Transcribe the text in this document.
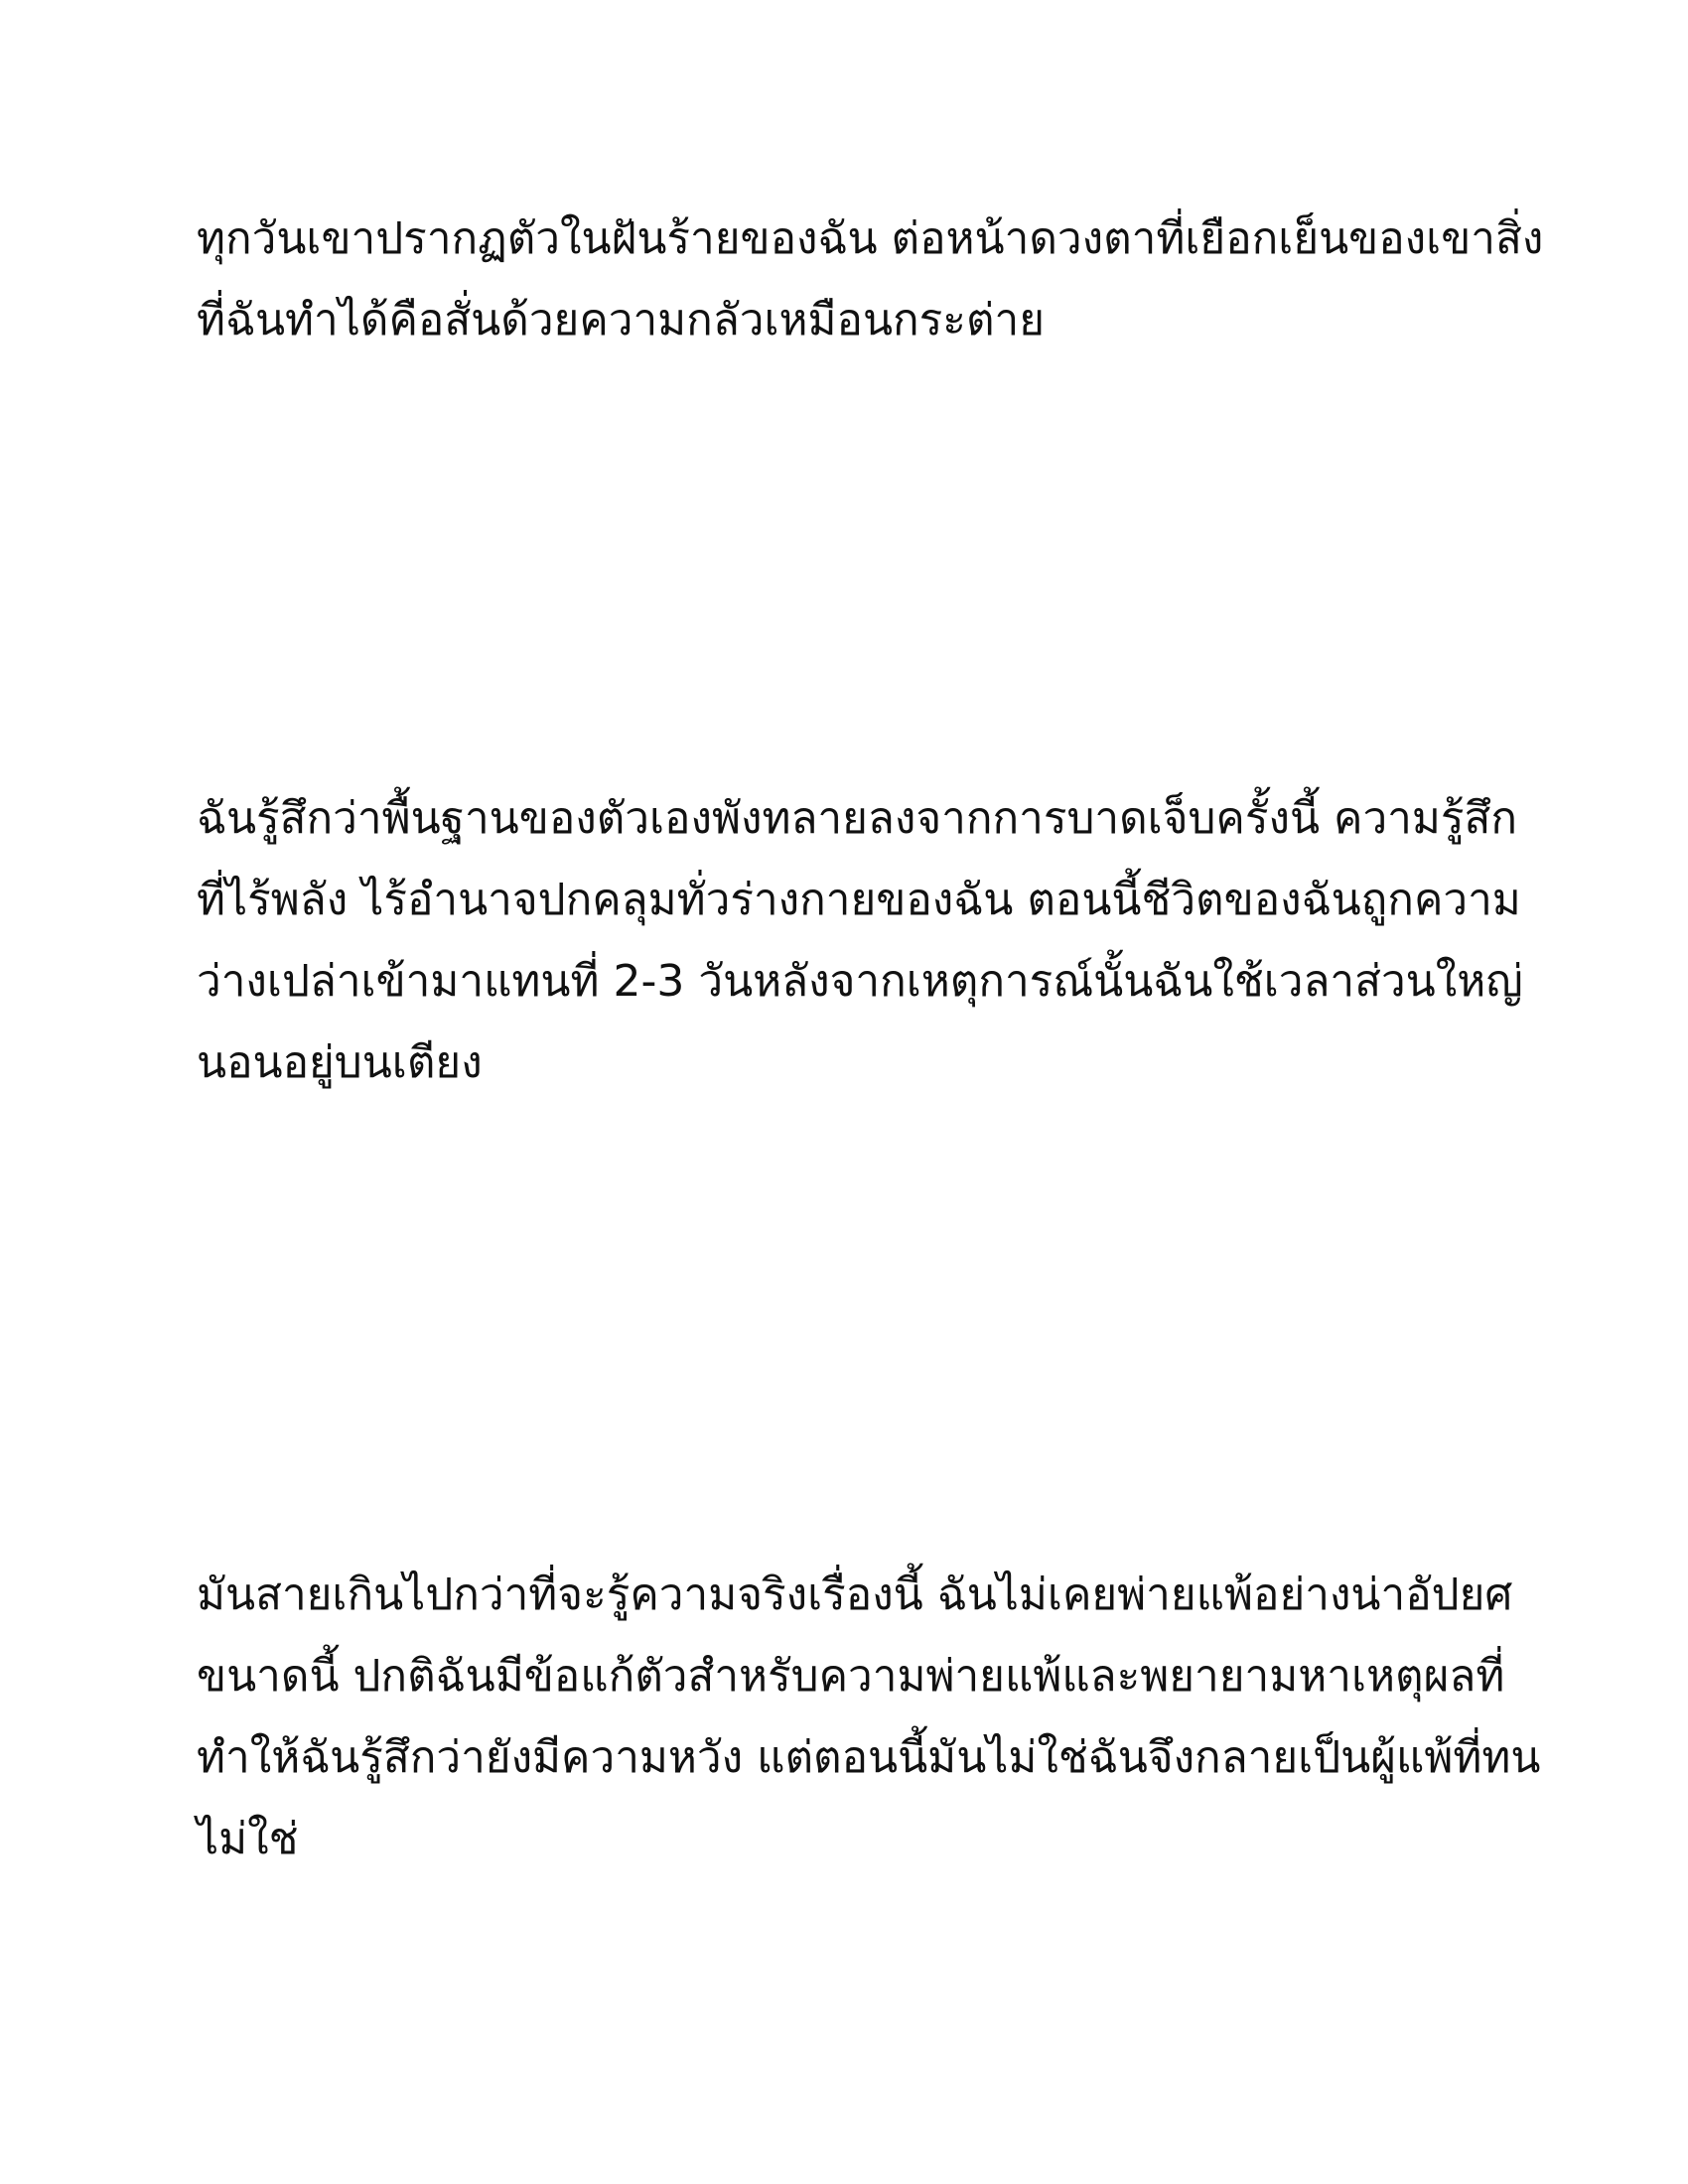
ทุกวันเขาปรากฏตัวในฝันร้ายของฉัน ต่อหน้าดวงตาที่เยือกเย็นของเขาสิ่ง
ที่ฉันทำได้คือสั่นด้วยความกลัวเหมือนกระต่าย
ฉันรู้สึกว่าพื้นฐานของตัวเองพังทลายลงจากการบาดเจ็บครั้งนี้ ความรู้สึก
ที่ไร้พลัง ไร้อำนาจปกคลุมทั่วร่างกายของฉัน ตอนนี้ชีวิตของฉันถูกความ
ว่างเปล่าเข้ามาแทนที่ 2-3 วันหลังจากเหตุการณ์นั้นฉันใช้เวลาส่วนใหญ่
นอนอยู่บนเตียง
มันสายเกินไปกว่าที่จะรู้ความจริงเรื่องนี้ ฉันไม่เคยพ่ายแพ้อย่างน่าอัปยศ
ขนาดนี้ ปกติฉันมีข้อแก้ตัวสำหรับความพ่ายแพ้และพยายามหาเหตุผลที่
ทำให้ฉันรู้สึกว่ายังมีความหวัง แต่ตอนนี้มันไม่ใช่ฉันจึงกลายเป็นผู้แพ้ที่ทน
ไม่ใช่
